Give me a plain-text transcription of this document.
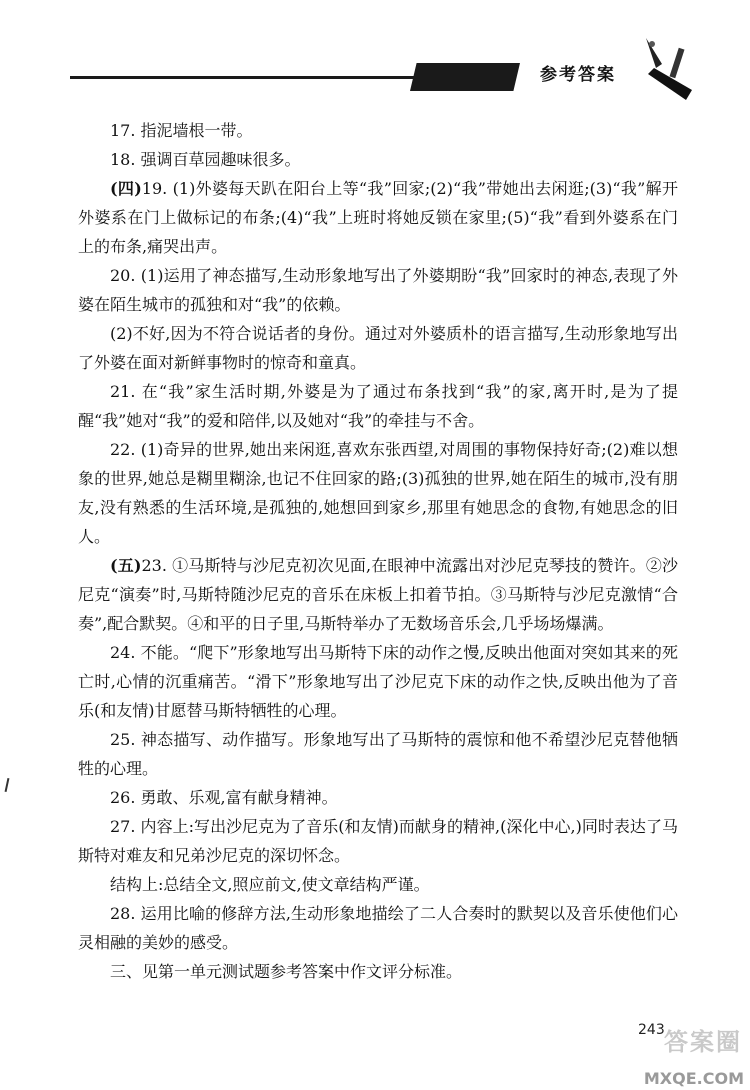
参考答案

17. 指泥墙根一带。

18. 强调百草园趣味很多。

(四)19. (1)外婆每天趴在阳台上等“我”回家;(2)“我”带她出去闲逛;(3)“我”解开外婆系在门上做标记的布条;(4)“我”上班时将她反锁在家里;(5)“我”看到外婆系在门上的布条,痛哭出声。

20. (1)运用了神态描写,生动形象地写出了外婆期盼“我”回家时的神态,表现了外婆在陌生城市的孤独和对“我”的依赖。

(2)不好,因为不符合说话者的身份。通过对外婆质朴的语言描写,生动形象地写出了外婆在面对新鲜事物时的惊奇和童真。

21. 在“我”家生活时期,外婆是为了通过布条找到“我”的家,离开时,是为了提醒“我”她对“我”的爱和陪伴,以及她对“我”的牵挂与不舍。

22. (1)奇异的世界,她出来闲逛,喜欢东张西望,对周围的事物保持好奇;(2)难以想象的世界,她总是糊里糊涂,也记不住回家的路;(3)孤独的世界,她在陌生的城市,没有朋友,没有熟悉的生活环境,是孤独的,她想回到家乡,那里有她思念的食物,有她思念的旧人。

(五)23. ①马斯特与沙尼克初次见面,在眼神中流露出对沙尼克琴技的赞许。②沙尼克“演奏”时,马斯特随沙尼克的音乐在床板上扣着节拍。③马斯特与沙尼克激情“合奏”,配合默契。④和平的日子里,马斯特举办了无数场音乐会,几乎场场爆满。

24. 不能。“爬下”形象地写出马斯特下床的动作之慢,反映出他面对突如其来的死亡时,心情的沉重痛苦。“滑下”形象地写出了沙尼克下床的动作之快,反映出他为了音乐(和友情)甘愿替马斯特牺牲的心理。

25. 神态描写、动作描写。形象地写出了马斯特的震惊和他不希望沙尼克替他牺牲的心理。

26. 勇敢、乐观,富有献身精神。

27. 内容上:写出沙尼克为了音乐(和友情)而献身的精神,(深化中心,)同时表达了马斯特对难友和兄弟沙尼克的深切怀念。

结构上:总结全文,照应前文,使文章结构严谨。

28. 运用比喻的修辞方法,生动形象地描绘了二人合奏时的默契以及音乐使他们心灵相融的美妙的感受。

三、见第一单元测试题参考答案中作文评分标准。

243 答案圈
MXQE.COM
